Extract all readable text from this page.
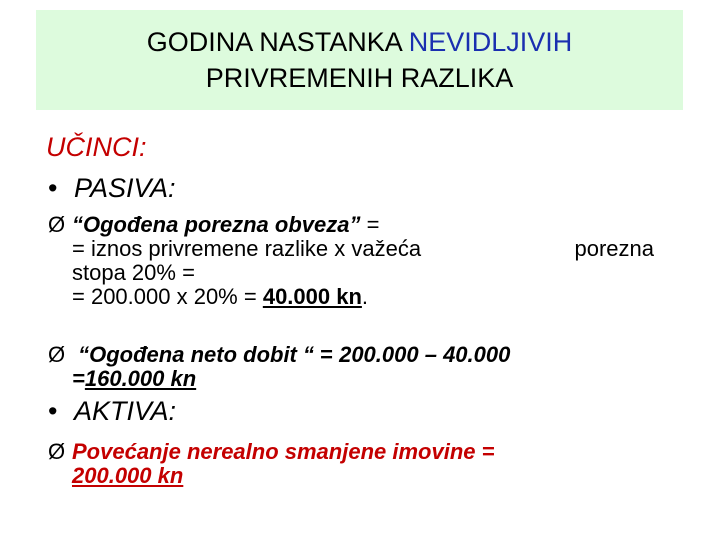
GODINA NASTANKA NEVIDLJIVIH
PRIVREMENIH RAZLIKA
UČINCI:
• PASIVA:
Ø “Ogođena porezna obveza” =
= iznos privremene razlike x važeća	porezna
stopa 20% =
= 200.000 x 20% = 40.000 kn.
Ø “Ogođena neto dobit “ = 200.000 – 40.000
=160.000 kn
• AKTIVA:
Ø Povećanje nerealno smanjene imovine =
200.000 kn
